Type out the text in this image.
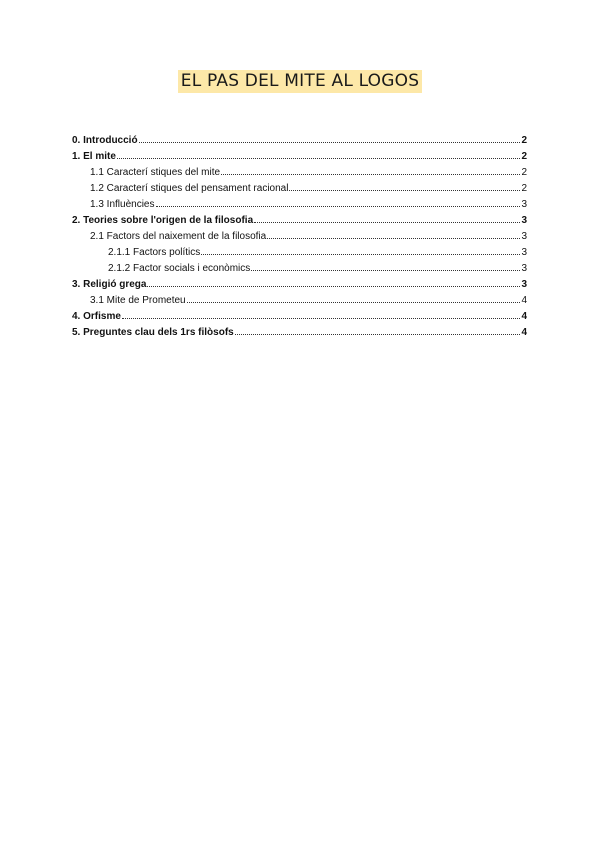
EL PAS DEL MITE AL LOGOS
0. Introducció	2
1. El mite	2
1.1 Caracterí stiques del mite	2
1.2 Caracterí stiques del pensament racional	2
1.3 Influències	3
2. Teories sobre l'origen de la filosofia	3
2.1 Factors del naixement de la filosofia	3
2.1.1 Factors polítics	3
2.1.2 Factor socials i econòmics	3
3. Religió grega	3
3.1 Mite de Prometeu	4
4. Orfisme	4
5. Preguntes clau dels 1rs filòsofs	4
